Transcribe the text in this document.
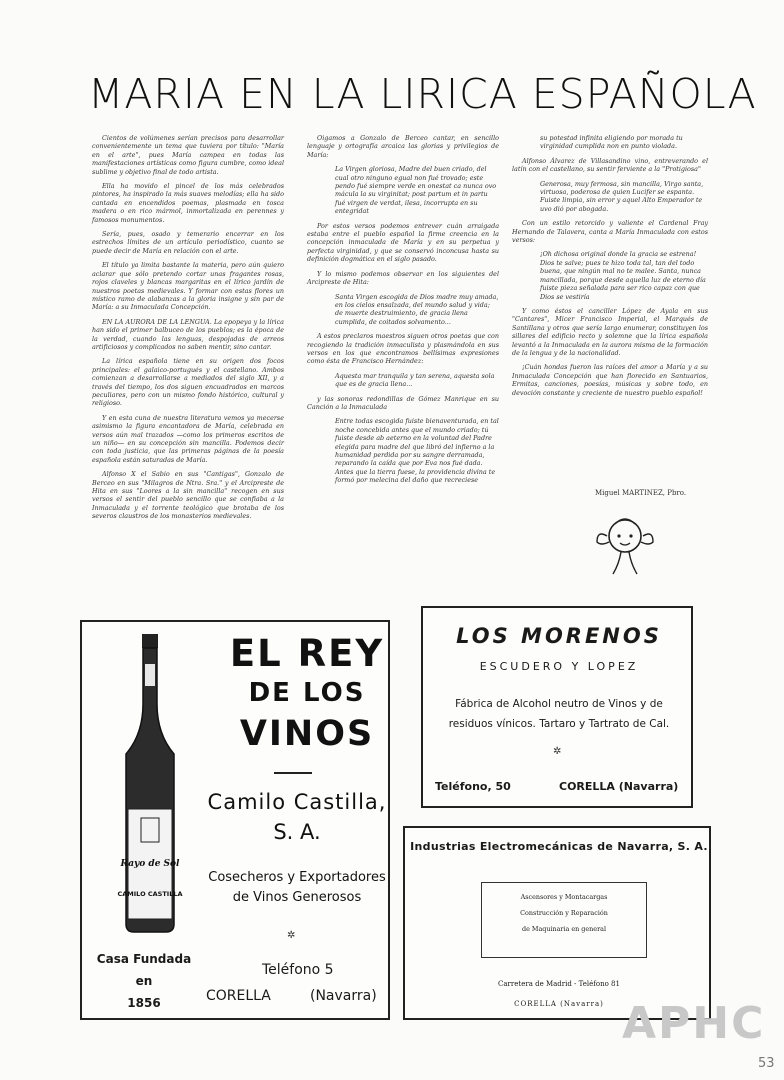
MARIA EN LA LIRICA ESPAÑOLA

Cientos de volúmenes serían precisos para desarrollar convenientemente un tema que tuviera por título: "María en el arte", pues María campea en todas las manifestaciones artísticas como figura cumbre, como ideal sublime y objetivo final de todo artista.

Ella ha movido el pincel de los más celebrados pintores, ha inspirado la más suaves melodías; ella ha sido cantada en encendidos poemas, plasmada en tosca madera o en rico mármol, inmortalizada en perennes y famosos monumentos.

Sería, pues, osado y temerario encerrar en los estrechos límites de un artículo periodístico, cuanto se puede decir de María en relación con el arte.

El título ya limita bastante la materia, pero aún quiero aclarar que sólo pretendo cortar unas fragantes rosas, rojos claveles y blancas margaritas en el lírico jardín de nuestros poetas medievales. Y formar con estas flores un místico ramo de alabanzas a la gloria insigne y sin par de María: a su Inmaculada Concepción.

EN LA AURORA DE LA LENGUA. La epopeya y la lírica han sido el primer balbuceo de los pueblos; es la época de la verdad, cuando las lenguas, despojadas de arreos artificiosos y complicados no saben mentir, sino cantar.

La lírica española tiene en su origen dos focos principales: el galaico-portugués y el castellano. Ambos comienzan a desarrollarse a mediados del siglo XII, y a través del tiempo, los dos siguen encuadrados en marcos peculiares, pero con un mismo fondo histórico, cultural y religioso.

Y en esta cuna de nuestra literatura vemos ya mecerse asimismo la figura encantadora de María, celebrada en versos aún mal trazados —como los primeros escritos de un niño— en su concepción sin mancilla. Podemos decir con toda justicia, que las primeras páginas de la poesía española están saturadas de María.

Alfonso X el Sabio en sus "Cantigas", Gonzalo de Berceo en sus "Milagros de Ntra. Sra." y el Arcipreste de Hita en sus "Loores a la sin mancilla" recogen en sus versos el sentir del pueblo sencillo que se confiaba a la Inmaculada y el torrente teológico que brotaba de los severos claustros de los monasterios medievales.

Oigamos a Gonzalo de Berceo cantar, en sencillo lenguaje y ortografía arcaica las glorias y privilegios de María:

La Virgen gloriosa, Madre del buen criado, del cual otro ninguno egual non fué trovado; este pendo fué siempre verde en onestat ca nunca ovo mácula la su virginitat; post partum et in partu fué virgen de verdat, ilesa, incorrupta en su entegridat

Por estos versos podemos entrever cuán arraigada estaba entre el pueblo español la firme creencia en la concepción inmaculada de María y en su perpetua y perfecta virginidad, y que se conservó inconcusa hasta su definición dogmática en el siglo pasado.

Y lo mismo podemos observar en los siguientes del Arcipreste de Hita:

Santa Virgen escogida de Dios madre muy amada, en los cielos ensalzada, del mundo salud y vida; de muerte destruimiento, de gracia llena cumplida, de coitados solvamento...

A estos preclaros maestros siguen otros poetas que con recogiendo la tradición inmaculista y plasmándola en sus versos en los que encontramos bellísimas expresiones como ésta de Francisco Hernández:

Aquesta mar tranquila y tan serena, aquesta sola que es de gracia llena...

y las sonoras redondillas de Gómez Manrique en su Canción a la Inmaculada

Entre todas escogida fuiste bienaventurada, en tal noche concebida antes que el mundo criado; tú fuiste desde ab aeterno en la voluntad del Padre elegida para madre del que libró del infierno a la humanidad perdida por su sangre derramada, reparando la caída que por Eva nos fué dada. Antes que la tierra fuese, la providencia divina te formó por melecina del daño que recreciese

su potestad infinita eligiendo por morada tu virginidad cumplida non en punto violada.

Alfonso Álvarez de Villasandino vino, entreverando el latín con el castellano, su sentir ferviente a la "Protigiosa"

Generosa, muy fermosa, sin mancilla, Virgo santa, virtuosa, poderosa de quien Lucifer se espanta. Fuiste limpia, sin error y aquel Alto Emperador te uvo dió por abogada.

Con un estilo retorcido y valiente el Cardenal Fray Hernando de Talavera, canta a María Inmaculada con estos versos:

¡Oh dichosa original donde la gracia se estrena! Dios te salve; pues te hizo toda tal, tan del todo buena, que ningún mal no te malee. Santa, nunca mancillada, porque desde aquella luz de eterno día fuiste pieza señalada para ser rico capaz con que Dios se vestiría

Y como éstos el canciller López de Ayala en sus "Cantares", Micer Francisco Imperial, el Marqués de Santillana y otros que sería largo enumerar, constituyen los sillares del edificio recto y solemne que la lírica española levantó a la Inmaculada en la aurora misma de la formación de la lengua y de la nacionalidad.

¡Cuán hondas fueron las raíces del amor a María y a su Inmaculada Concepción que han florecido en Santuarios, Ermitas, canciones, poesías, músicas y sobre todo, en devoción constante y creciente de nuestro pueblo español!

Miguel MARTINEZ, Pbro.
Rayo de Sol
CAMILO CASTILLA
Casa Fundada
en
1856
EL REY
DE LOS
VINOS
Camilo Castilla,
S. A.
Cosecheros y Exportadores
de Vinos Generosos
✲
Teléfono 5
CORELLA	(Navarra)
LOS MORENOS
ESCUDERO Y LOPEZ
Fábrica de Alcohol neutro de Vinos y de residuos vínicos. Tartaro y Tartrato de Cal.
✲
Teléfono, 50	CORELLA (Navarra)
Industrias Electromecánicas de Navarra, S. A.
Ascensores y Montacargas
Construcción y Reparación
de Maquinaria en general
Carretera de Madrid - Teléfono 81
CORELLA (Navarra) APHC
53
